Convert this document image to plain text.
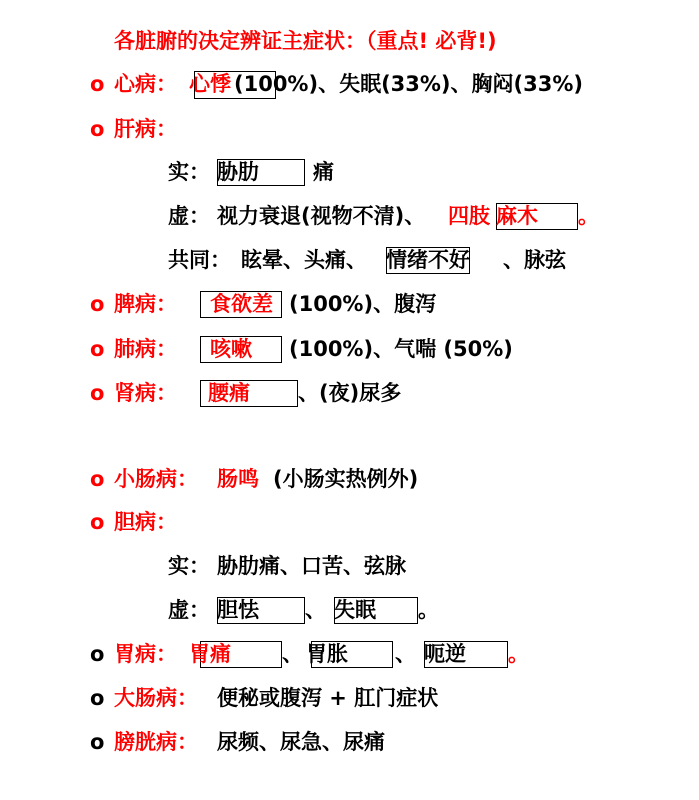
各脏腑的决定辨证主症状：（重点! 必背!)
o 心病： 心悸 (100%)、失眠(33%)、胸闷(33%)
o 肝病：
实： 胁肋	痛
虚： 视力衰退(视物不清)、 四肢 麻木 。
共同： 眩晕、头痛、 情绪不好 、脉弦
o 脾病： 食欲差 (100%)、腹泻
o 肺病： 咳嗽 (100%)、气喘 (50%)
o 肾病： 腰痛 、(夜)尿多
o 小肠病： 肠鸣 (小肠实热例外)
o 胆病：
实： 胁肋痛、口苦、弦脉
虚： 胆怯 、 失眠 。
o 胃病： 胃痛 、 胃胀 、 呃逆 。
o 大肠病： 便秘或腹泻 + 肛门症状
o 膀胱病： 尿频、尿急、尿痛
